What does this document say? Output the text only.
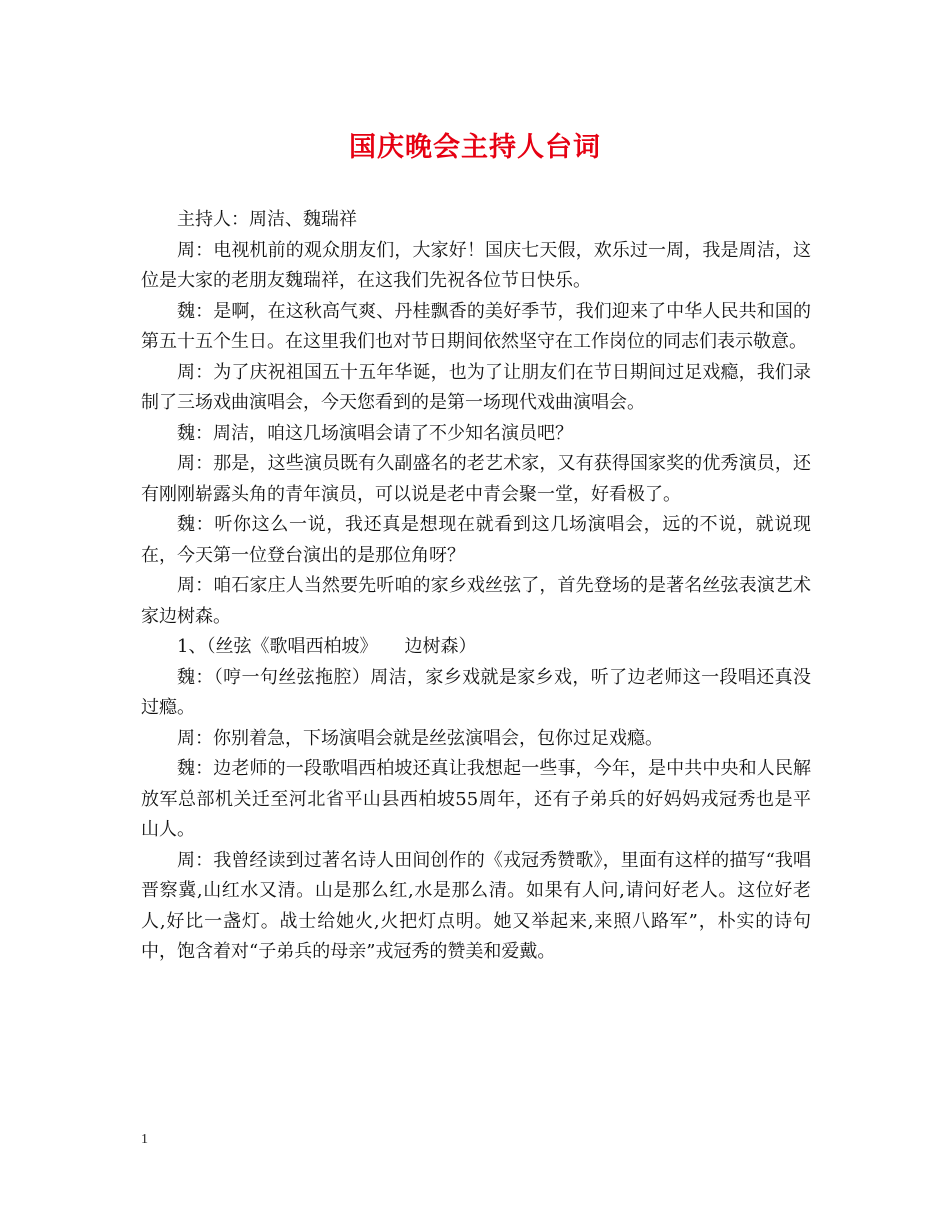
国庆晚会主持人台词

主持人：周洁、魏瑞祥

周：电视机前的观众朋友们，大家好！国庆七天假，欢乐过一周，我是周洁，这位是大家的老朋友魏瑞祥，在这我们先祝各位节日快乐。

魏：是啊，在这秋高气爽、丹桂飘香的美好季节，我们迎来了中华人民共和国的第五十五个生日。在这里我们也对节日期间依然坚守在工作岗位的同志们表示敬意。

周：为了庆祝祖国五十五年华诞，也为了让朋友们在节日期间过足戏瘾，我们录制了三场戏曲演唱会，今天您看到的是第一场现代戏曲演唱会。

魏：周洁，咱这几场演唱会请了不少知名演员吧？

周：那是，这些演员既有久副盛名的老艺术家，又有获得国家奖的优秀演员，还有刚刚崭露头角的青年演员，可以说是老中青会聚一堂，好看极了。

魏：听你这么一说，我还真是想现在就看到这几场演唱会，远的不说，就说现在，今天第一位登台演出的是那位角呀？

周：咱石家庄人当然要先听咱的家乡戏丝弦了，首先登场的是著名丝弦表演艺术家边树森。

1、（丝弦《歌唱西柏坡》　　边树森）

魏：（哼一句丝弦拖腔）周洁，家乡戏就是家乡戏，听了边老师这一段唱还真没过瘾。

周：你别着急，下场演唱会就是丝弦演唱会，包你过足戏瘾。

魏：边老师的一段歌唱西柏坡还真让我想起一些事，今年，是中共中央和人民解放军总部机关迁至河北省平山县西柏坡55周年，还有子弟兵的好妈妈戎冠秀也是平山人。

周：我曾经读到过著名诗人田间创作的《戎冠秀赞歌》，里面有这样的描写“我唱晋察冀,山红水又清。山是那么红,水是那么清。如果有人问,请问好老人。这位好老人,好比一盏灯。战士给她火,火把灯点明。她又举起来,来照八路军”，朴实的诗句中，饱含着对“子弟兵的母亲”戎冠秀的赞美和爱戴。

1
